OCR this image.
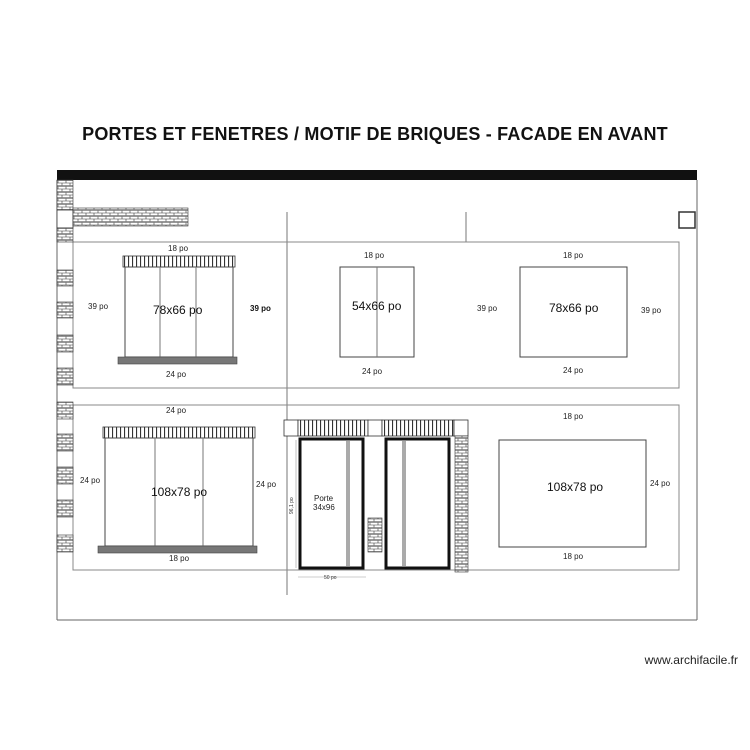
PORTES ET FENETRES / MOTIF DE BRIQUES - FACADE EN AVANT
www.archifacile.fr
78x66 po
18 po
39 po	39 po
24 po
54x66 po
18 po
24 po
78x66 po
18 po
39 po	39 po
24 po
108x78 po
24 po
24 po	24 po
18 po
Porte
34x96
96,1 po
50 po
108x78 po
18 po
24 po
18 po
